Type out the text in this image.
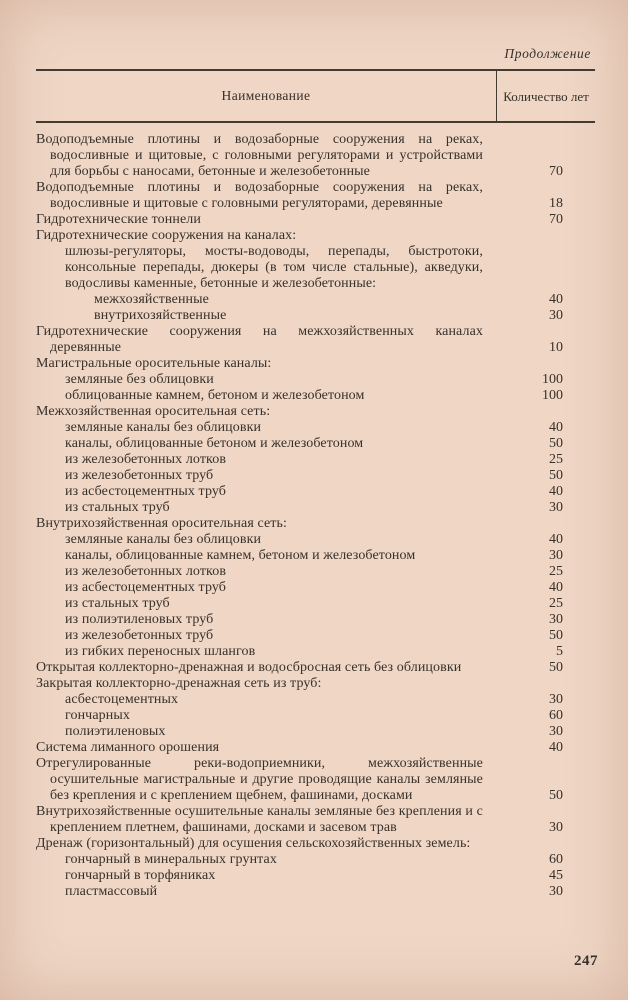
Продолжение
Наименование	Количество лет
Водоподъемные плотины и водозаборные сооружения на реках, водосливные и щитовые, с головными регуляторами и устройствами для борьбы с наносами, бетонные и железобетонные	70
Водоподъемные плотины и водозаборные сооружения на реках, водосливные и щитовые с головными регуляторами, деревянные	18
Гидротехнические тоннели	70
Гидротехнические сооружения на каналах:
шлюзы-регуляторы, мосты-водоводы, перепады, быстротоки, консольные перепады, дюкеры (в том числе стальные), акведуки, водосливы каменные, бетонные и железобетонные:
межхозяйственные	40
внутрихозяйственные	30
Гидротехнические сооружения на межхозяйственных каналах деревянные	10
Магистральные оросительные каналы:
земляные без облицовки	100
облицованные камнем, бетоном и железобетоном	100
Межхозяйственная оросительная сеть:
земляные каналы без облицовки	40
каналы, облицованные бетоном и железобетоном	50
из железобетонных лотков	25
из железобетонных труб	50
из асбестоцементных труб	40
из стальных труб	30
Внутрихозяйственная оросительная сеть:
земляные каналы без облицовки	40
каналы, облицованные камнем, бетоном и железобетоном	30
из железобетонных лотков	25
из асбестоцементных труб	40
из стальных труб	25
из полиэтиленовых труб	30
из железобетонных труб	50
из гибких переносных шлангов	5
Открытая коллекторно-дренажная и водосбросная сеть без облицовки	50
Закрытая коллекторно-дренажная сеть из труб:
асбестоцементных	30
гончарных	60
полиэтиленовых	30
Система лиманного орошения	40
Отрегулированные реки-водоприемники, межхозяйственные осушительные магистральные и другие проводящие каналы земляные без крепления и с креплением щебнем, фашинами, досками	50
Внутрихозяйственные осушительные каналы земляные без крепления и с креплением плетнем, фашинами, досками и засевом трав	30
Дренаж (горизонтальный) для осушения сельскохозяйственных земель:
гончарный в минеральных грунтах	60
гончарный в торфяниках	45
пластмассовый	30
247
